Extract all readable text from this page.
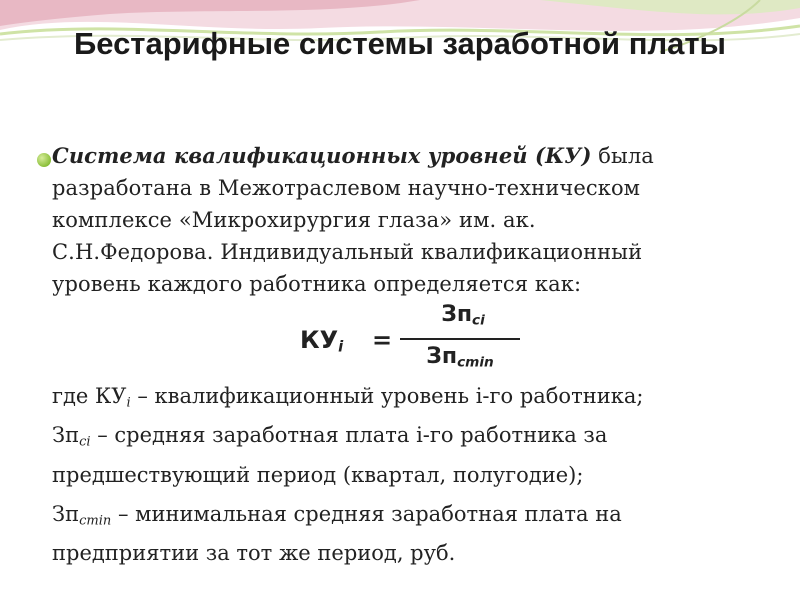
Бестарифные системы заработной платы

Система квалификационных уровней (КУ) была

разработана в Межотраслевом научно-техническом

комплексе «Микрохирургия глаза» им. ак.

С.Н.Федорова. Индивидуальный квалификационный

уровень каждого работника определяется как:

$КУ_i$ =
$Зп_{ci}$
$Зп_{cmin}$

где $КУ_i$ – квалификационный уровень i-го работника;

$Зп_{ci}$ – средняя заработная плата i-го работника за

предшествующий период (квартал, полугодие);

$Зп_{cmin}$ – минимальная средняя заработная плата на

предприятии за тот же период, руб.
